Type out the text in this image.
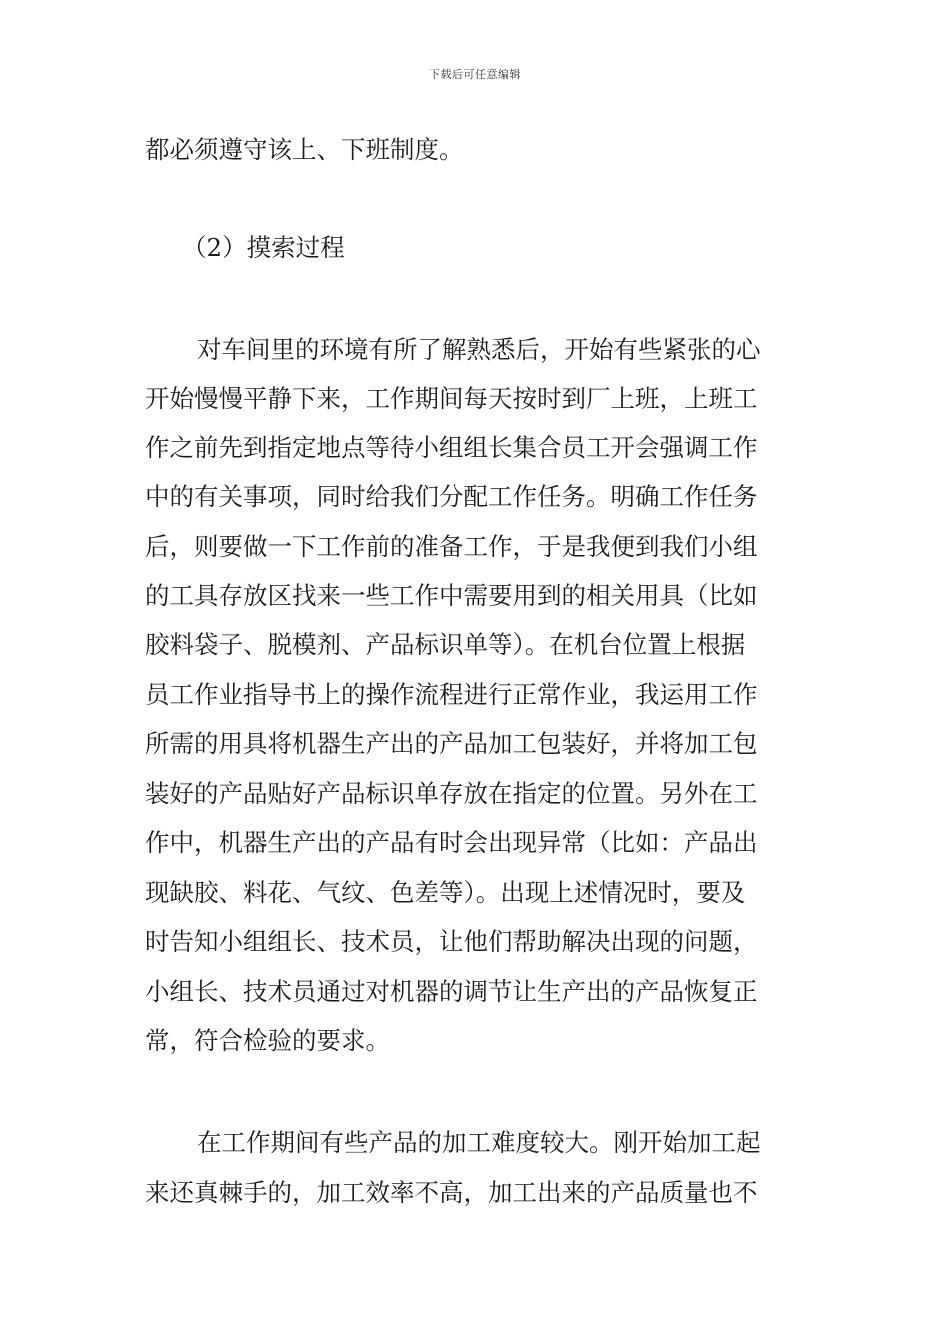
下载后可任意编辑
都必须遵守该上、下班制度。
（2）摸索过程
对车间里的环境有所了解熟悉后，开始有些紧张的心
开始慢慢平静下来，工作期间每天按时到厂上班，上班工
作之前先到指定地点等待小组组长集合员工开会强调工作
中的有关事项，同时给我们分配工作任务。明确工作任务
后，则要做一下工作前的准备工作，于是我便到我们小组
的工具存放区找来一些工作中需要用到的相关用具（比如
胶料袋子、脱模剂、产品标识单等）。在机台位置上根据
员工作业指导书上的操作流程进行正常作业，我运用工作
所需的用具将机器生产出的产品加工包装好，并将加工包
装好的产品贴好产品标识单存放在指定的位置。另外在工
作中，机器生产出的产品有时会出现异常（比如：产品出
现缺胶、料花、气纹、色差等）。出现上述情况时，要及
时告知小组组长、技术员，让他们帮助解决出现的问题，
小组长、技术员通过对机器的调节让生产出的产品恢复正
常，符合检验的要求。
在工作期间有些产品的加工难度较大。刚开始加工起
来还真棘手的，加工效率不高，加工出来的产品质量也不
